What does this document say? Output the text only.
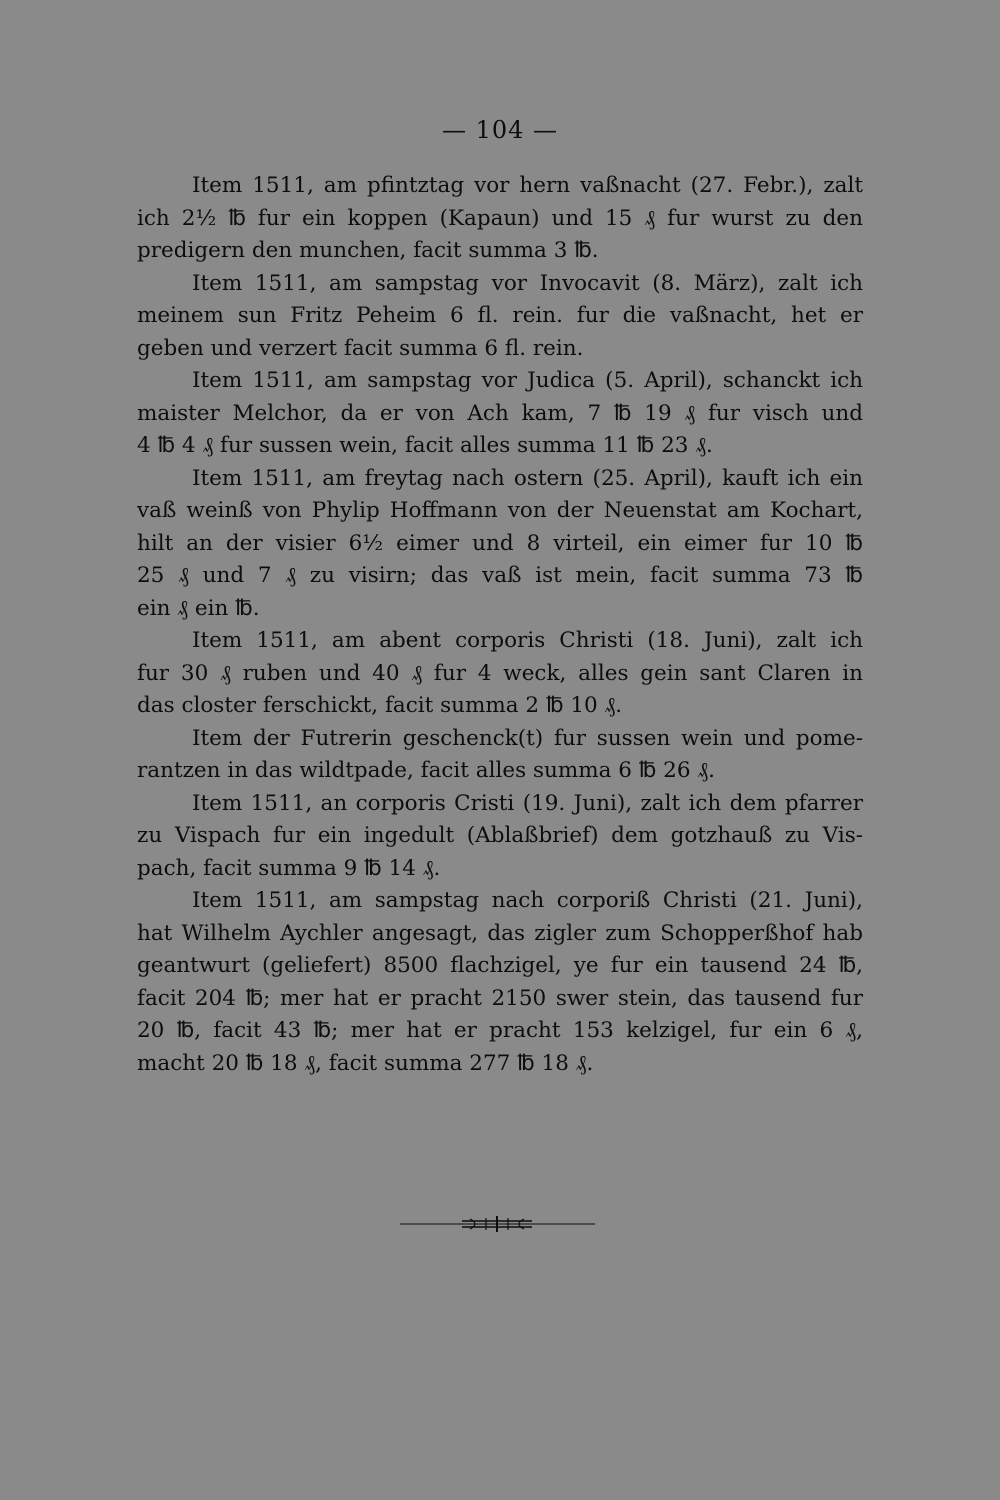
— 104 —
Item 1511, am pfintztag vor hern vaßnacht (27. Febr.), zalt
ich 2½ ℔ fur ein koppen (Kapaun) und 15 ₰ fur wurst zu den
predigern den munchen, facit summa 3 ℔.
Item 1511, am sampstag vor Invocavit (8. März), zalt ich
meinem sun Fritz Peheim 6 fl. rein. fur die vaßnacht, het er
geben und verzert facit summa 6 fl. rein.
Item 1511, am sampstag vor Judica (5. April), schanckt ich
maister Melchor, da er von Ach kam, 7 ℔ 19 ₰ fur visch und
4 ℔ 4 ₰ fur sussen wein, facit alles summa 11 ℔ 23 ₰.
Item 1511, am freytag nach ostern (25. April), kauft ich ein
vaß weinß von Phylip Hoffmann von der Neuenstat am Kochart,
hilt an der visier 6½ eimer und 8 virteil, ein eimer fur 10 ℔
25 ₰ und 7 ₰ zu visirn; das vaß ist mein, facit summa 73 ℔
ein ₰ ein ℔.
Item 1511, am abent corporis Christi (18. Juni), zalt ich
fur 30 ₰ ruben und 40 ₰ fur 4 weck, alles gein sant Claren in
das closter ferschickt, facit summa 2 ℔ 10 ₰.
Item der Futrerin geschenck(t) fur sussen wein und pome-
rantzen in das wildtpade, facit alles summa 6 ℔ 26 ₰.
Item 1511, an corporis Cristi (19. Juni), zalt ich dem pfarrer
zu Vispach fur ein ingedult (Ablaßbrief) dem gotzhauß zu Vis-
pach, facit summa 9 ℔ 14 ₰.
Item 1511, am sampstag nach corporiß Christi (21. Juni),
hat Wilhelm Aychler angesagt, das zigler zum Schopperßhof hab
geantwurt (geliefert) 8500 flachzigel, ye fur ein tausend 24 ℔,
facit 204 ℔; mer hat er pracht 2150 swer stein, das tausend fur
20 ℔, facit 43 ℔; mer hat er pracht 153 kelzigel, fur ein 6 ₰,
macht 20 ℔ 18 ₰, facit summa 277 ℔ 18 ₰.
